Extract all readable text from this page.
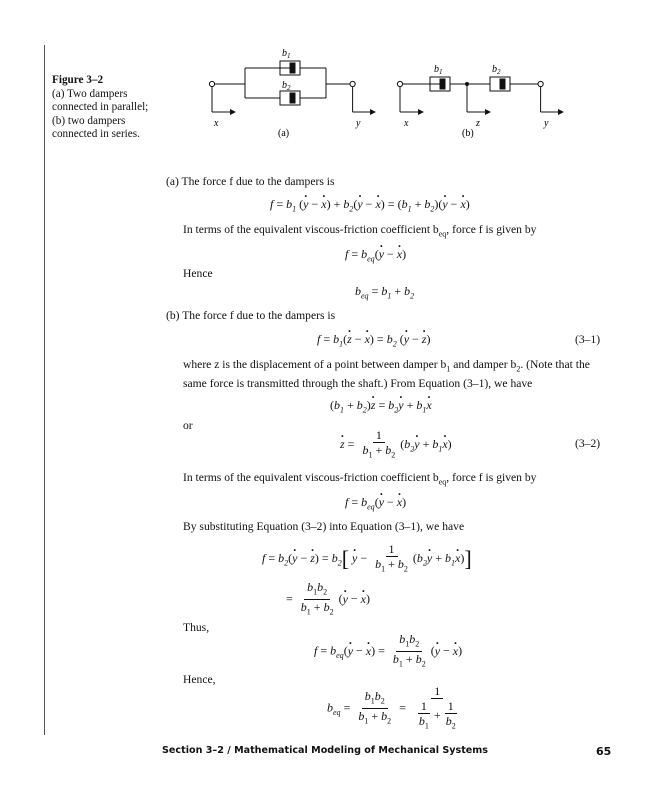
Figure 3–2
(a) Two dampers
connected in parallel;
(b) two dampers
connected in series.
$b_1$
$b_2$
x	y
(a)
$b_1$	$b_2$
x	z	y
(b)
(a) The force f due to the dampers is
$f = b_1$ (y · − x ·) + $b_2(y$ · − x ·) = $(b_1 + b_2)(y$ · − x ·)
In terms of the equivalent viscous-friction coefficient $b_{eq}$, force f is given by
$f = b_{eq}(y$ · − x ·)
Hence
$b_{eq} = b_1 + b_2$
(b) The force f due to the dampers is
$f = b_1(z$ · − x ·) = $b_2$ (y · − z ·)	(3–1)
where z is the displacement of a point between damper $b_1$ and damper $b_2$. (Note that the
same force is transmitted through the shaft.) From Equation (3–1), we have
$(b_1 + b_2)z$ · = $b_2y$ · + $b_1x$ ·
or
z · = $\frac{1}{b_1 + b_2} (b_2y$ · + $b_1x$ ·)	(3–2)
In terms of the equivalent viscous-friction coefficient $b_{eq}$, force f is given by
$f = b_{eq}(y$ · − x ·)
By substituting Equation (3–2) into Equation (3–1), we have
$f = b_2(y$ · − z ·) = $b_2$[ y · − $\frac{1}{b_1 + b_2} (b_2y$ · + $b_1x$ ·)]
= $\frac{b_1b_2}{b_1 + b_2} (y$ · − x ·)
Thus,
$f = b_{eq}(y$ · − x ·) = $\frac{b_1b_2}{b_1 + b_2} (y$ · − x ·)
Hence,
$b_{eq} = \frac{b_1b_2}{b_1 + b_2} = \frac{1}{\frac{1}{b_1} + \frac{1}{b_2}}$
Section 3–2 / Mathematical Modeling of Mechanical Systems	65
